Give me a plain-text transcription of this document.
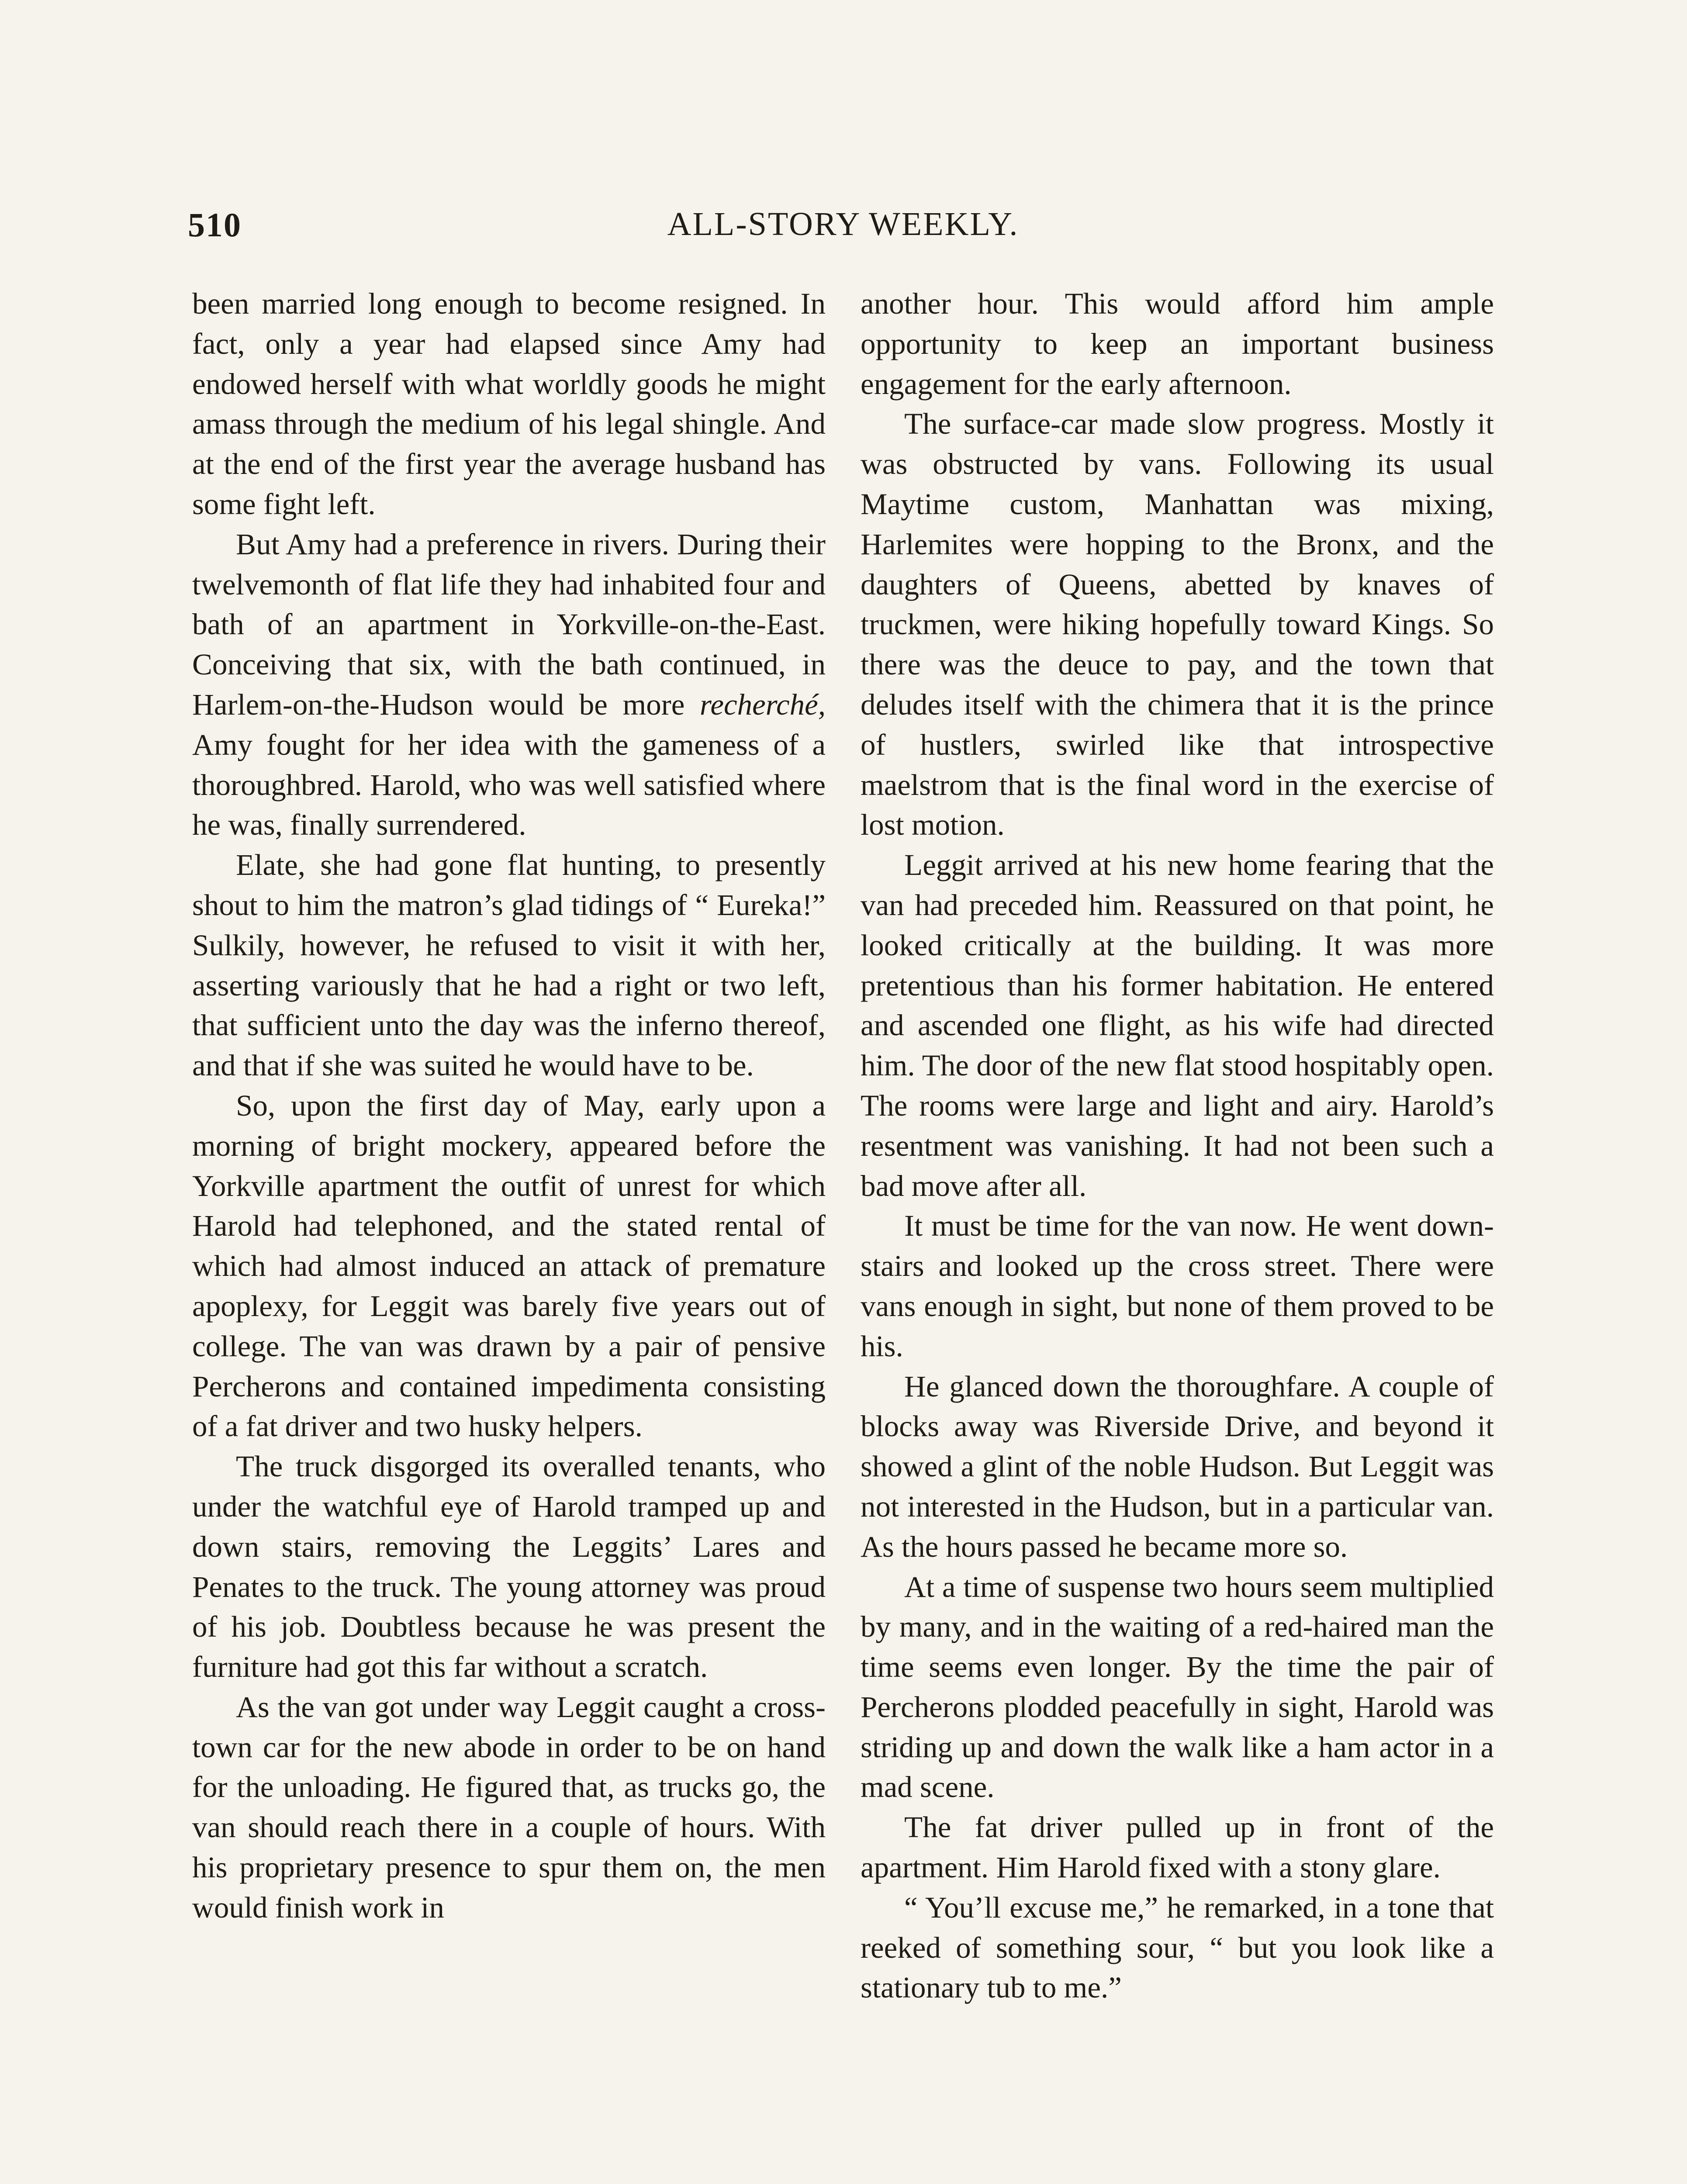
510	ALL-STORY WEEKLY.

been married long enough to become resigned. In fact, only a year had elapsed since Amy had endowed herself with what worldly goods he might amass through the medium of his legal shingle. And at the end of the first year the average husband has some fight left.

But Amy had a preference in rivers. During their twelvemonth of flat life they had inhabited four and bath of an apartment in Yorkville-on-the-East. Conceiving that six, with the bath continued, in Harlem-on-the-Hudson would be more recherché, Amy fought for her idea with the gameness of a thoroughbred. Harold, who was well satisfied where he was, finally surrendered.

Elate, she had gone flat hunting, to presently shout to him the matron’s glad tidings of “ Eureka!” Sulkily, however, he refused to visit it with her, asserting variously that he had a right or two left, that sufficient unto the day was the inferno thereof, and that if she was suited he would have to be.

So, upon the first day of May, early upon a morning of bright mockery, appeared before the Yorkville apartment the outfit of unrest for which Harold had telephoned, and the stated rental of which had almost induced an attack of premature apoplexy, for Leggit was barely five years out of college. The van was drawn by a pair of pensive Percherons and contained impedimenta consisting of a fat driver and two husky helpers.

The truck disgorged its overalled tenants, who under the watchful eye of Harold tramped up and down stairs, removing the Leggits’ Lares and Penates to the truck. The young attorney was proud of his job. Doubtless because he was present the furniture had got this far without a scratch.

As the van got under way Leggit caught a cross-town car for the new abode in order to be on hand for the unloading. He figured that, as trucks go, the van should reach there in a couple of hours. With his proprietary presence to spur them on, the men would finish work in

another hour. This would afford him ample opportunity to keep an important business engagement for the early afternoon.

The surface-car made slow progress. Mostly it was obstructed by vans. Following its usual Maytime custom, Manhattan was mixing, Harlemites were hopping to the Bronx, and the daughters of Queens, abetted by knaves of truckmen, were hiking hopefully toward Kings. So there was the deuce to pay, and the town that deludes itself with the chimera that it is the prince of hustlers, swirled like that introspective maelstrom that is the final word in the exercise of lost motion.

Leggit arrived at his new home fearing that the van had preceded him. Reassured on that point, he looked critically at the building. It was more pretentious than his former habitation. He entered and ascended one flight, as his wife had directed him. The door of the new flat stood hospitably open. The rooms were large and light and airy. Harold’s resentment was vanishing. It had not been such a bad move after all.

It must be time for the van now. He went down-stairs and looked up the cross street. There were vans enough in sight, but none of them proved to be his.

He glanced down the thoroughfare. A couple of blocks away was Riverside Drive, and beyond it showed a glint of the noble Hudson. But Leggit was not interested in the Hudson, but in a particular van. As the hours passed he became more so.

At a time of suspense two hours seem multiplied by many, and in the waiting of a red-haired man the time seems even longer. By the time the pair of Percherons plodded peacefully in sight, Harold was striding up and down the walk like a ham actor in a mad scene.

The fat driver pulled up in front of the apartment. Him Harold fixed with a stony glare.

“ You’ll excuse me,” he remarked, in a tone that reeked of something sour, “ but you look like a stationary tub to me.”
